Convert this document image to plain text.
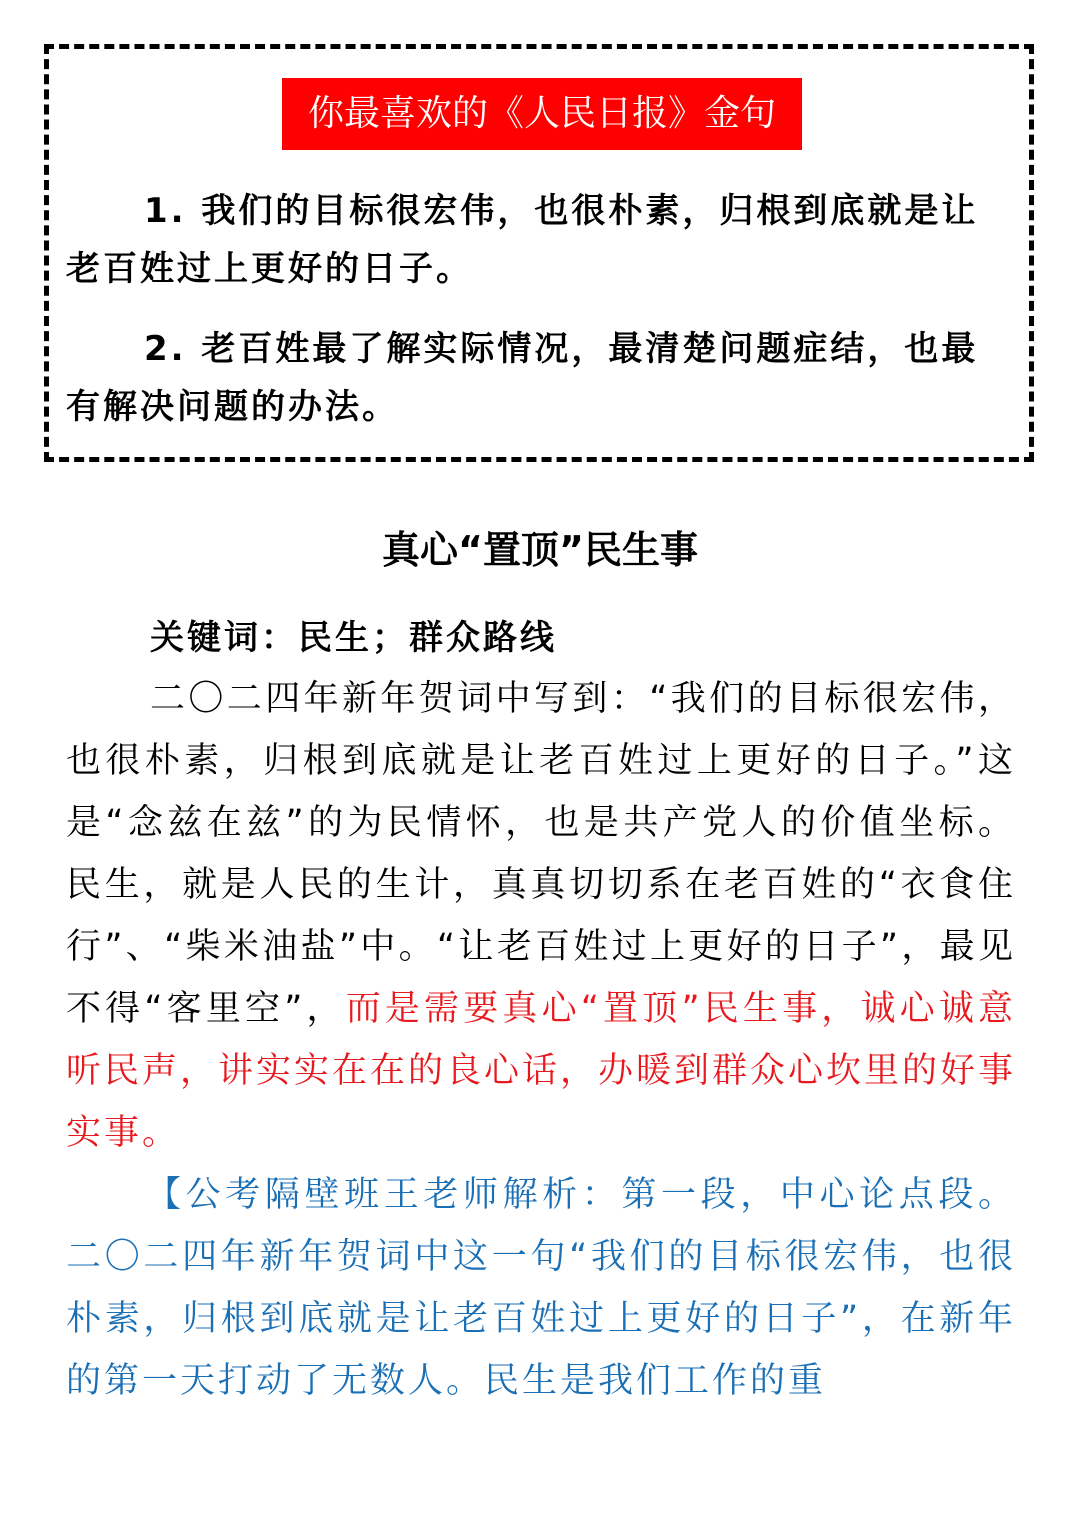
你最喜欢的《人民日报》金句
1. 我们的目标很宏伟，也很朴素，归根到底就是让老百姓过上更好的日子。
2. 老百姓最了解实际情况，最清楚问题症结，也最有解决问题的办法。
真心“置顶”民生事
关键词：民生；群众路线
二〇二四年新年贺词中写到：“我们的目标很宏伟，也很朴素，归根到底就是让老百姓过上更好的日子。”这是“念兹在兹”的为民情怀，也是共产党人的价值坐标。民生，就是人民的生计，真真切切系在老百姓的“衣食住行”、“柴米油盐”中。“让老百姓过上更好的日子”，最见不得“客里空”，而是需要真心“置顶”民生事，诚心诚意听民声，讲实实在在的良心话，办暖到群众心坎里的好事实事。
【公考隔壁班王老师解析：第一段，中心论点段。二〇二四年新年贺词中这一句“我们的目标很宏伟，也很朴素，归根到底就是让老百姓过上更好的日子”，在新年的第一天打动了无数人。民生是我们工作的重
